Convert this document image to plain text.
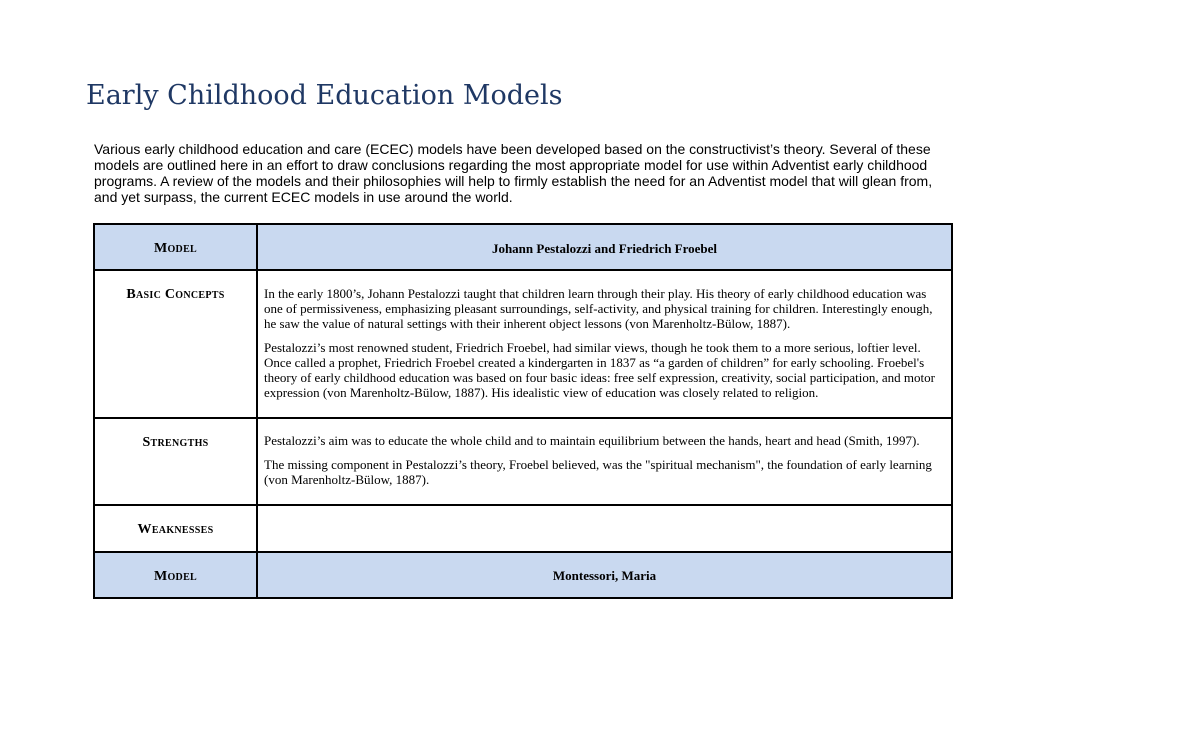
Early Childhood Education Models

Various early childhood education and care (ECEC) models have been developed based on the constructivist’s theory. Several of these models are outlined here in an effort to draw conclusions regarding the most appropriate model for use within Adventist early childhood programs. A review of the models and their philosophies will help to firmly establish the need for an Adventist model that will glean from, and yet surpass, the current ECEC models in use around the world.

Model	Johann Pestalozzi and Friedrich Froebel

Basic Concepts	In the early 1800’s, Johann Pestalozzi taught that children learn through their play. His theory of early childhood education was one of permissiveness, emphasizing pleasant surroundings, self-activity, and physical training for children. Interestingly enough, he saw the value of natural settings with their inherent object lessons (von Marenholtz-Bülow, 1887).

Pestalozzi’s most renowned student, Friedrich Froebel, had similar views, though he took them to a more serious, loftier level. Once called a prophet, Friedrich Froebel created a kindergarten in 1837 as “a garden of children” for early schooling. Froebel's theory of early childhood education was based on four basic ideas: free self expression, creativity, social participation, and motor expression (von Marenholtz-Bülow, 1887). His idealistic view of education was closely related to religion.

Strengths	Pestalozzi’s aim was to educate the whole child and to maintain equilibrium between the hands, heart and head (Smith, 1997).

The missing component in Pestalozzi’s theory, Froebel believed, was the "spiritual mechanism", the foundation of early learning (von Marenholtz-Bülow, 1887).

Weaknesses	

Model	Montessori, Maria
